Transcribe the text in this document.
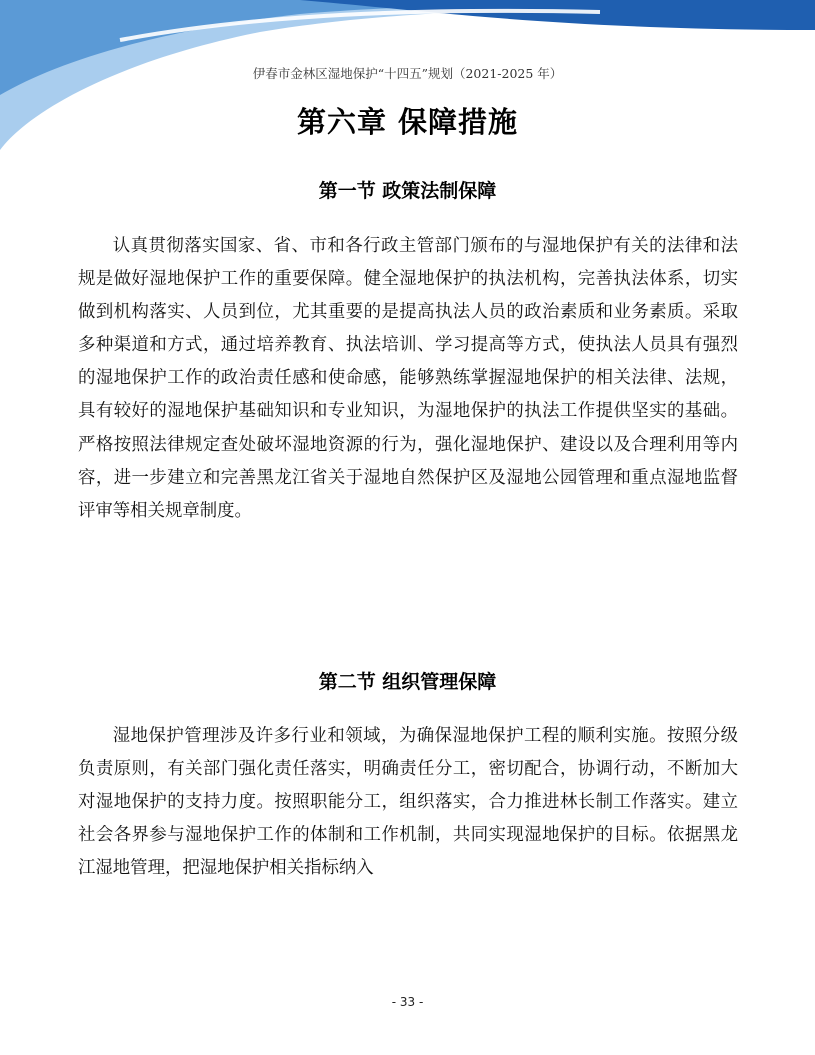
伊春市金林区湿地保护“十四五”规划（2021-2025 年）
第六章 保障措施
第一节 政策法制保障

认真贯彻落实国家、省、市和各行政主管部门颁布的与湿地保护有关的法律和法规是做好湿地保护工作的重要保障。健全湿地保护的执法机构，完善执法体系，切实做到机构落实、人员到位，尤其重要的是提高执法人员的政治素质和业务素质。采取多种渠道和方式，通过培养教育、执法培训、学习提高等方式，使执法人员具有强烈的湿地保护工作的政治责任感和使命感，能够熟练掌握湿地保护的相关法律、法规，具有较好的湿地保护基础知识和专业知识，为湿地保护的执法工作提供坚实的基础。严格按照法律规定查处破坏湿地资源的行为，强化湿地保护、建设以及合理利用等内容，进一步建立和完善黑龙江省关于湿地自然保护区及湿地公园管理和重点湿地监督评审等相关规章制度。

第二节 组织管理保障

湿地保护管理涉及许多行业和领域，为确保湿地保护工程的顺利实施。按照分级负责原则，有关部门强化责任落实，明确责任分工，密切配合，协调行动，不断加大对湿地保护的支持力度。按照职能分工，组织落实，合力推进林长制工作落实。建立社会各界参与湿地保护工作的体制和工作机制，共同实现湿地保护的目标。依据黑龙江湿地管理，把湿地保护相关指标纳入

- 33 -
